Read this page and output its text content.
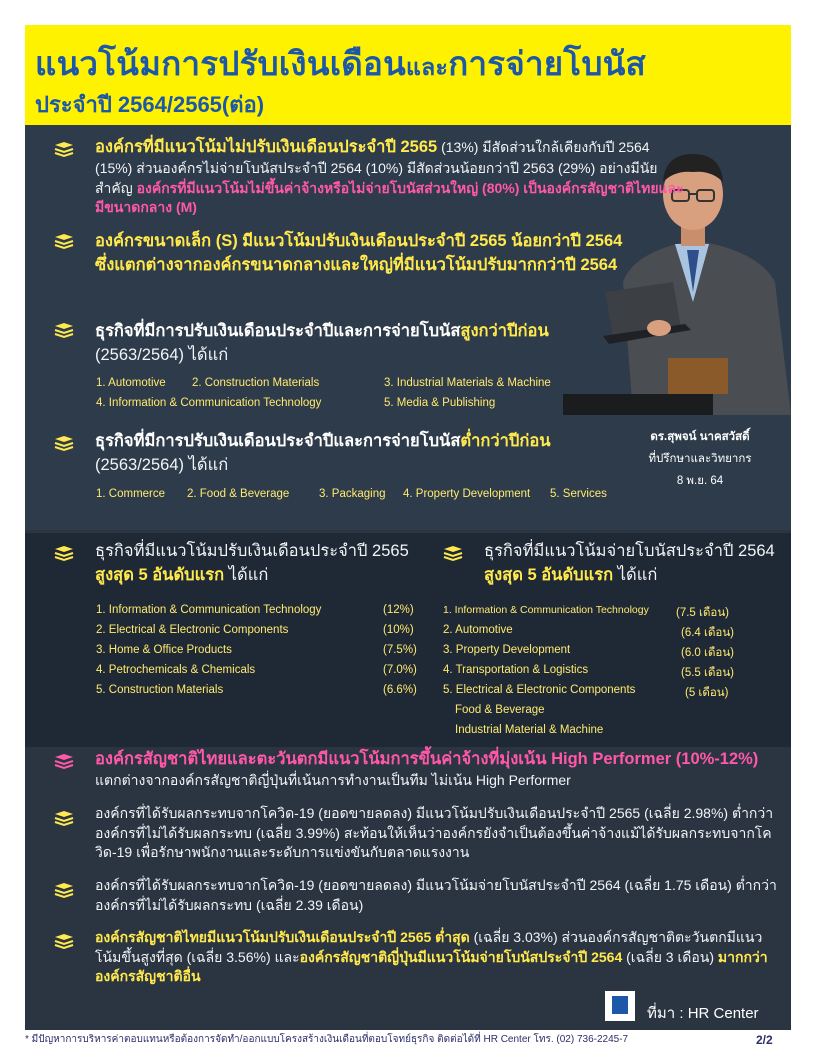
แนวโน้มการปรับเงินเดือนและการจ่ายโบนัส
ประจำปี 2564/2565(ต่อ)
องค์กรที่มีแนวโน้มไม่ปรับเงินเดือนประจำปี 2565 (13%) มีสัดส่วนใกล้เคียงกับปี 2564 (15%) ส่วนองค์กรไม่จ่ายโบนัสประจำปี 2564 (10%) มีสัดส่วนน้อยกว่าปี 2563 (29%) อย่างมีนัยสำคัญ องค์กรที่มีแนวโน้มไม่ขึ้นค่าจ้างหรือไม่จ่ายโบนัสส่วนใหญ่ (80%) เป็นองค์กรสัญชาติไทยและมีขนาดกลาง (M)
องค์กรขนาดเล็ก (S) มีแนวโน้มปรับเงินเดือนประจำปี 2565 น้อยกว่าปี 2564 ซึ่งแตกต่างจากองค์กรขนาดกลางและใหญ่ที่มีแนวโน้มปรับมากกว่าปี 2564
ธุรกิจที่มีการปรับเงินเดือนประจำปีและการจ่ายโบนัสสูงกว่าปีก่อน
(2563/2564) ได้แก่
1. Automotive 2. Construction Materials	3. Industrial Materials & Machine
4. Information & Communication Technology	5. Media & Publishing
ธุรกิจที่มีการปรับเงินเดือนประจำปีและการจ่ายโบนัสต่ำกว่าปีก่อน
(2563/2564) ได้แก่
1. Commerce 2. Food & Beverage	3. Packaging 4. Property Development 5. Services
ดร.สุพจน์ นาคสวัสดิ์
ที่ปรึกษาและวิทยากร
8 พ.ย. 64
ธุรกิจที่มีแนวโน้มปรับเงินเดือนประจำปี 2565 สูงสุด 5 อันดับแรก ได้แก่
1. Information & Communication Technology	(12%)
2. Electrical & Electronic Components	(10%)
3. Home & Office Products	(7.5%)
4. Petrochemicals & Chemicals	(7.0%)
5. Construction Materials	(6.6%)
ธุรกิจที่มีแนวโน้มจ่ายโบนัสประจำปี 2564 สูงสุด 5 อันดับแรก ได้แก่
1. Information & Communication Technology (7.5 เดือน)
2. Automotive	(6.4 เดือน)
3. Property Development	(6.0 เดือน)
4. Transportation & Logistics	(5.5 เดือน)
5. Electrical & Electronic Components	(5 เดือน)
Food & Beverage
Industrial Material & Machine
องค์กรสัญชาติไทยและตะวันตกมีแนวโน้มการขึ้นค่าจ้างที่มุ่งเน้น High Performer (10%-12%) แตกต่างจากองค์กรสัญชาติญี่ปุ่นที่เน้นการทำงานเป็นทีม ไม่เน้น High Performer
องค์กรที่ได้รับผลกระทบจากโควิด-19 (ยอดขายลดลง) มีแนวโน้มปรับเงินเดือนประจำปี 2565 (เฉลี่ย 2.98%) ต่ำกว่าองค์กรที่ไม่ได้รับผลกระทบ (เฉลี่ย 3.99%) สะท้อนให้เห็นว่าองค์กรยังจำเป็นต้องขึ้นค่าจ้างแม้ได้รับผลกระทบจากโควิด-19 เพื่อรักษาพนักงานและระดับการแข่งขันกับตลาดแรงงาน
องค์กรที่ได้รับผลกระทบจากโควิด-19 (ยอดขายลดลง) มีแนวโน้มจ่ายโบนัสประจำปี 2564 (เฉลี่ย 1.75 เดือน) ต่ำกว่าองค์กรที่ไม่ได้รับผลกระทบ (เฉลี่ย 2.39 เดือน)
องค์กรสัญชาติไทยมีแนวโน้มปรับเงินเดือนประจำปี 2565 ต่ำสุด (เฉลี่ย 3.03%) ส่วนองค์กรสัญชาติตะวันตกมีแนวโน้มขึ้นสูงที่สุด (เฉลี่ย 3.56%) และองค์กรสัญชาติญี่ปุ่นมีแนวโน้มจ่ายโบนัสประจำปี 2564 (เฉลี่ย 3 เดือน) มากกว่าองค์กรสัญชาติอื่น
ที่มา : HR Center
* มีปัญหาการบริหารค่าตอบแทนหรือต้องการจัดทำ/ออกแบบโครงสร้างเงินเดือนที่ตอบโจทย์ธุรกิจ ติดต่อได้ที่ HR Center โทร. (02) 736-2245-7	2/2
